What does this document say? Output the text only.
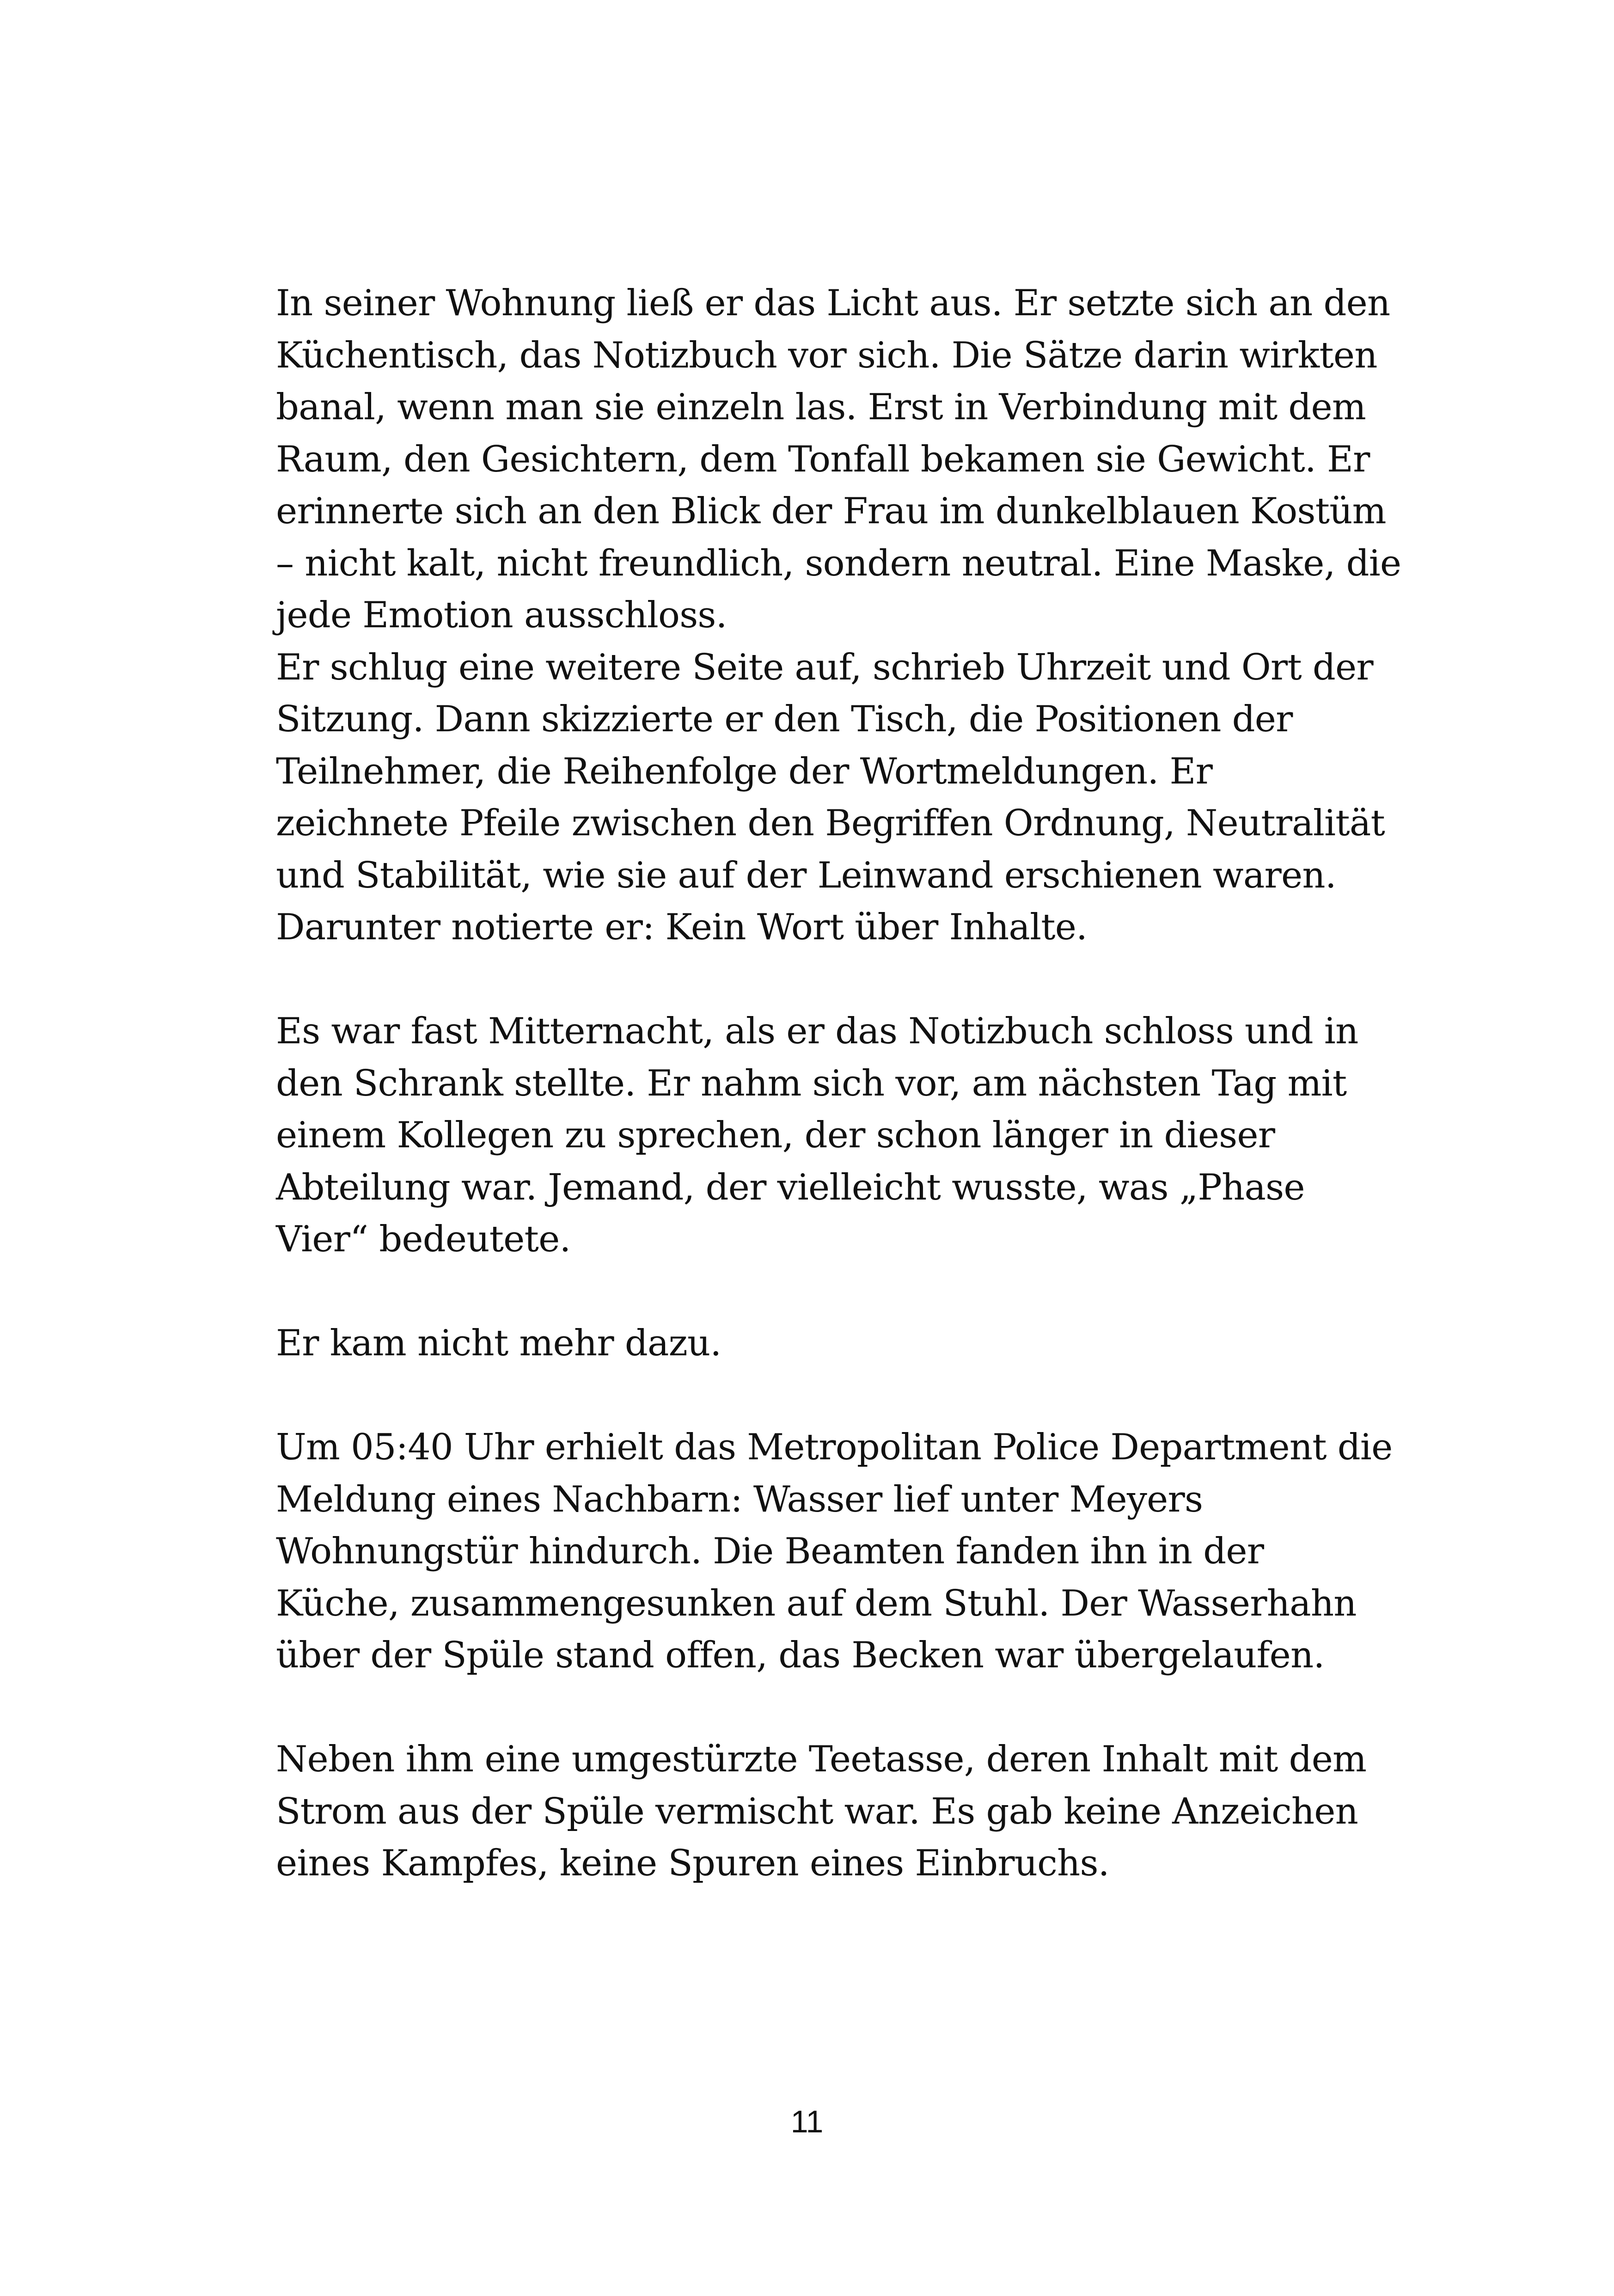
In seiner Wohnung ließ er das Licht aus. Er setzte sich an den
Küchentisch, das Notizbuch vor sich. Die Sätze darin wirkten
banal, wenn man sie einzeln las. Erst in Verbindung mit dem
Raum, den Gesichtern, dem Tonfall bekamen sie Gewicht. Er
erinnerte sich an den Blick der Frau im dunkelblauen Kostüm
– nicht kalt, nicht freundlich, sondern neutral. Eine Maske, die
jede Emotion ausschloss.
Er schlug eine weitere Seite auf, schrieb Uhrzeit und Ort der
Sitzung. Dann skizzierte er den Tisch, die Positionen der
Teilnehmer, die Reihenfolge der Wortmeldungen. Er
zeichnete Pfeile zwischen den Begriffen Ordnung, Neutralität
und Stabilität, wie sie auf der Leinwand erschienen waren.
Darunter notierte er: Kein Wort über Inhalte.
Es war fast Mitternacht, als er das Notizbuch schloss und in
den Schrank stellte. Er nahm sich vor, am nächsten Tag mit
einem Kollegen zu sprechen, der schon länger in dieser
Abteilung war. Jemand, der vielleicht wusste, was „Phase
Vier“ bedeutete.
Er kam nicht mehr dazu.
Um 05:40 Uhr erhielt das Metropolitan Police Department die
Meldung eines Nachbarn: Wasser lief unter Meyers
Wohnungstür hindurch. Die Beamten fanden ihn in der
Küche, zusammengesunken auf dem Stuhl. Der Wasserhahn
über der Spüle stand offen, das Becken war übergelaufen.
Neben ihm eine umgestürzte Teetasse, deren Inhalt mit dem
Strom aus der Spüle vermischt war. Es gab keine Anzeichen
eines Kampfes, keine Spuren eines Einbruchs.
11
